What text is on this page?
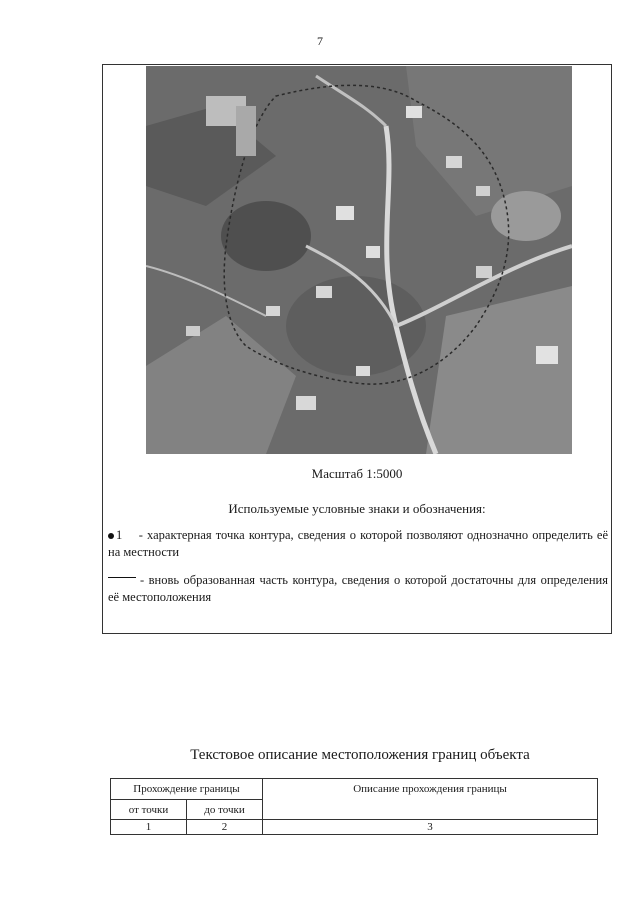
7
Масштаб 1:5000
Используемые условные знаки и обозначения:
1 - характерная точка контура, сведения о которой позволяют однозначно определить её на местности
- вновь образованная часть контура, сведения о которой достаточны для определения её местоположения
Текстовое описание местоположения границ объекта
Прохождение границы		Описание прохождения границы
от точки	до точки	
1	2	3
